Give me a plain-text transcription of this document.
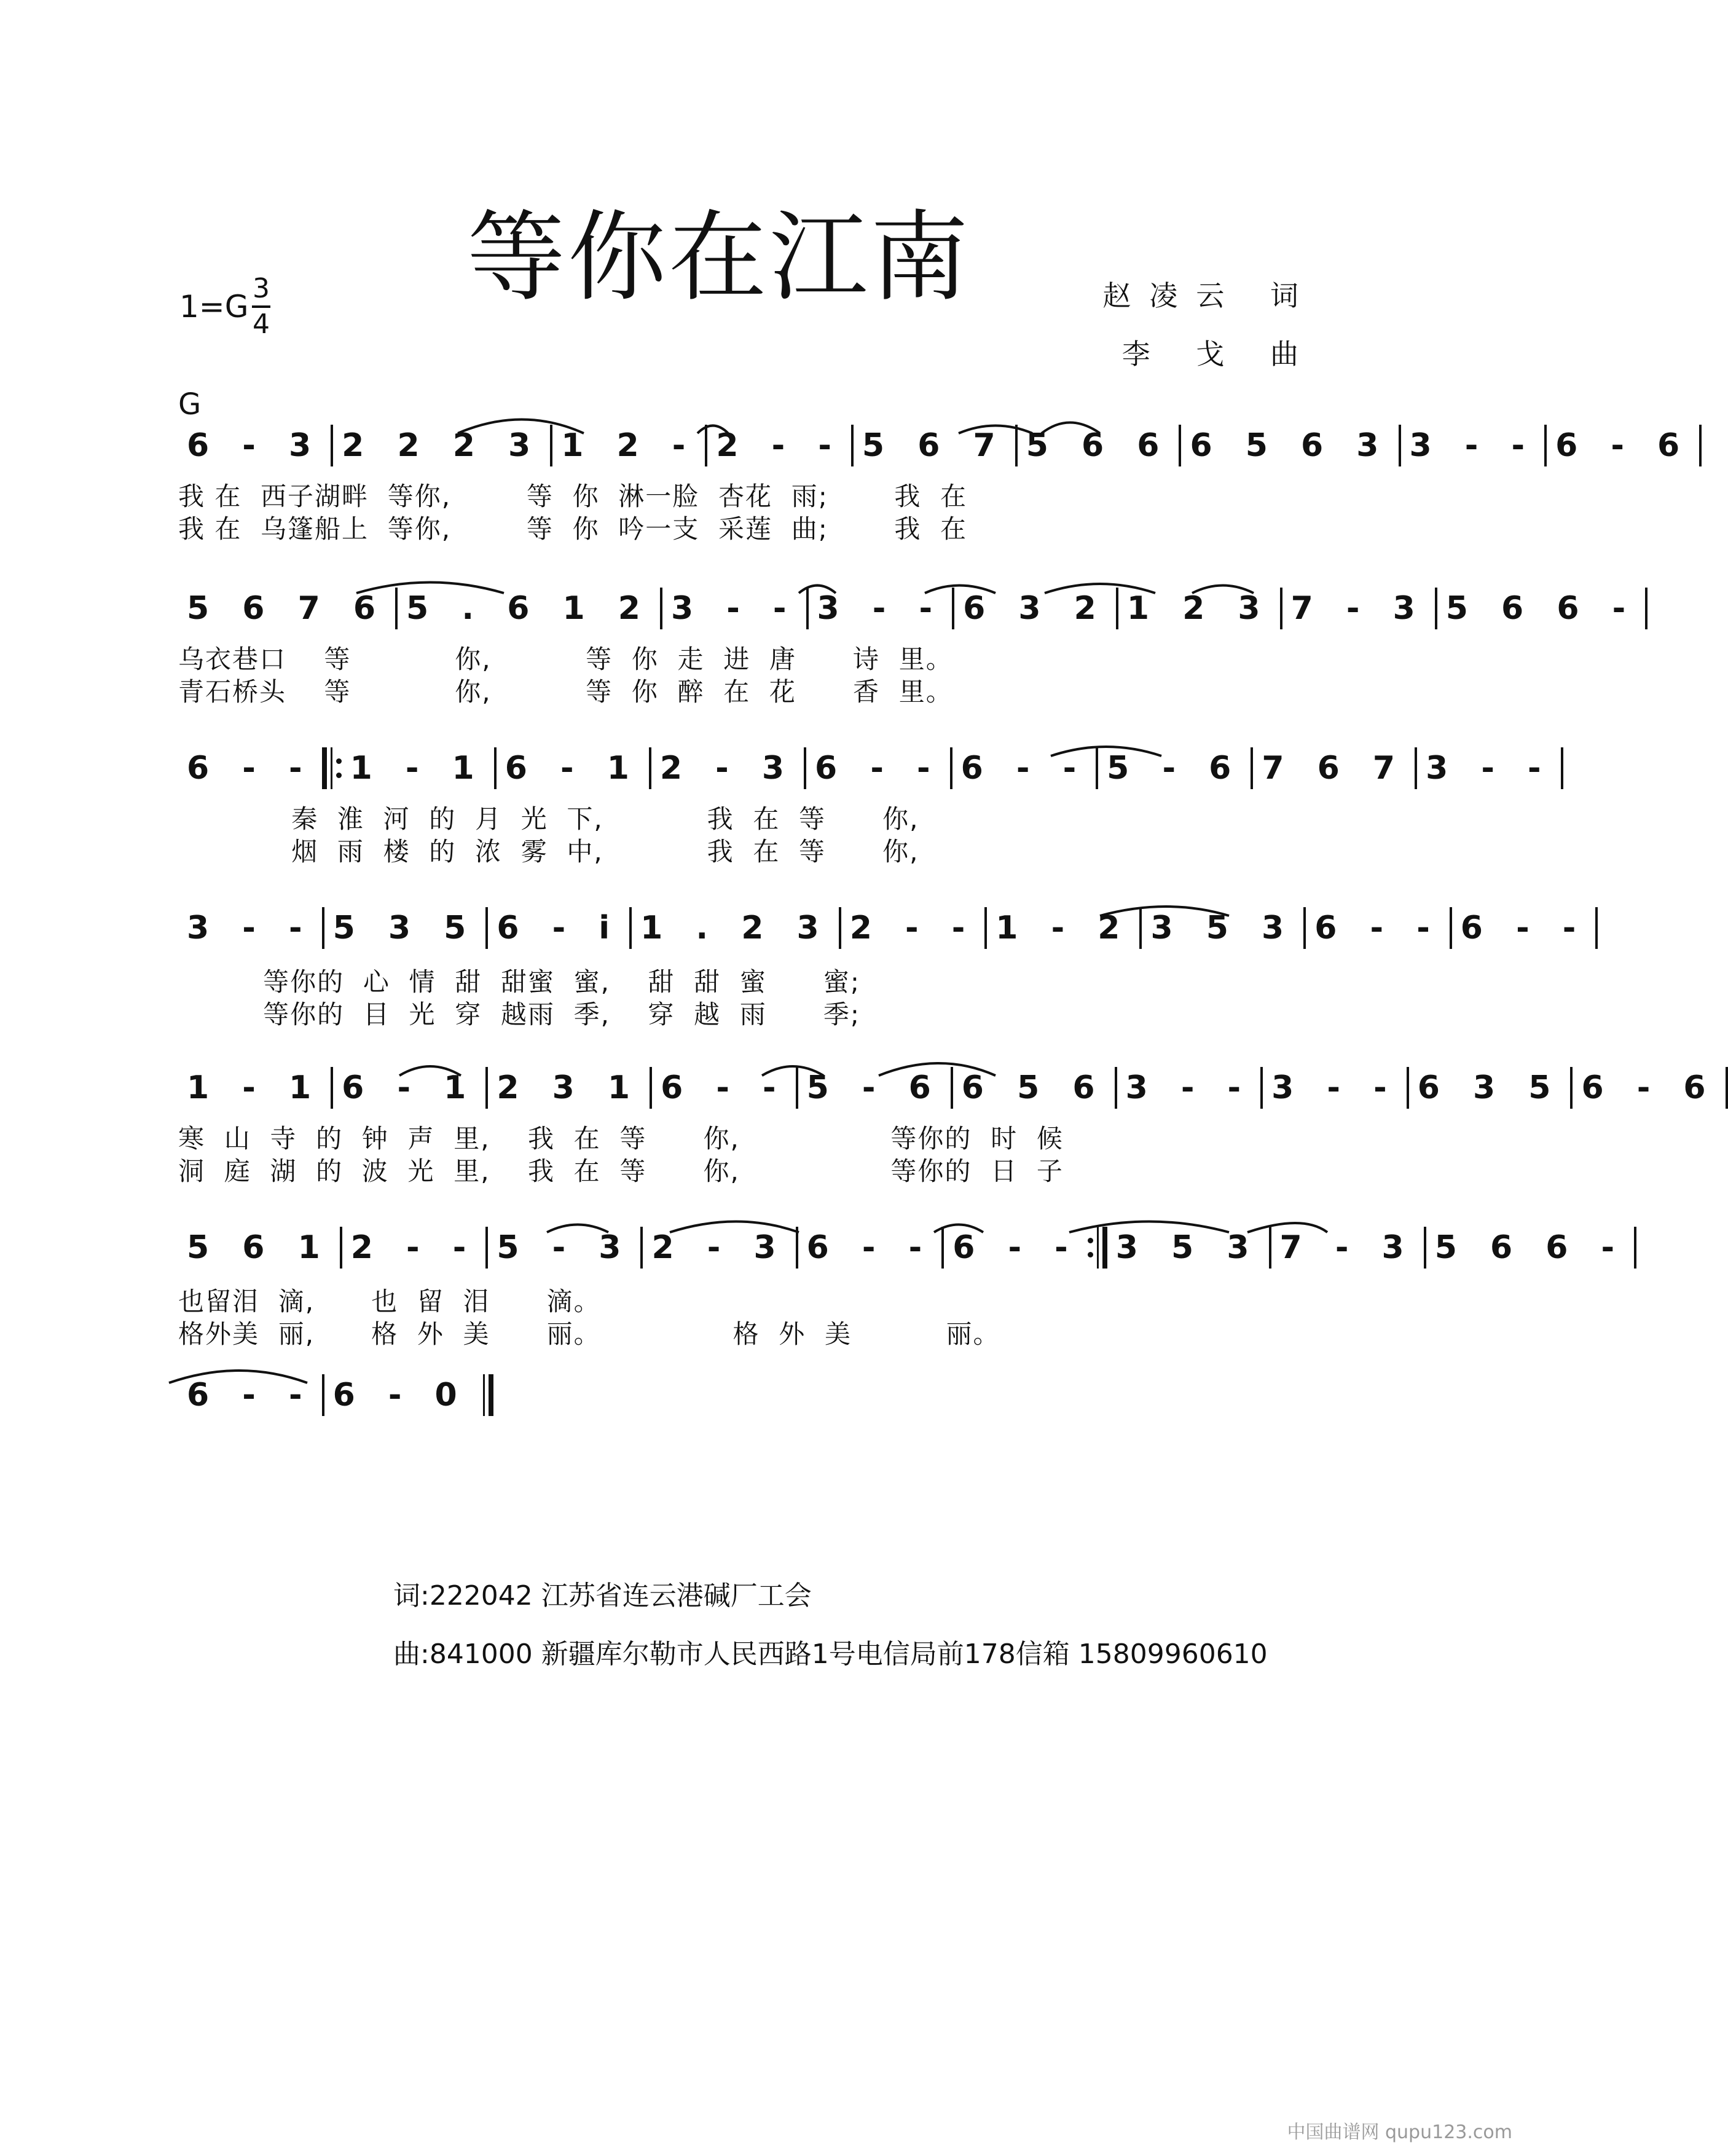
等你在江南
1=G
3
4
赵凌云 词
李 戈 曲
G
6 - 3 2 2 2 3 1 2 - 2 - - 5 6 7 5 6 6 6 5 6 3 3 - - 6 - 6
我 在  西子湖畔  等你,        等  你  淋一脸  杏花  雨;       我  在
我 在  乌篷船上  等你,        等  你  吟一支  采莲  曲;       我  在
5 6 7 6 5 . 6 1 2 3 - - 3 - - 6 3 2 1 2 3 7 - 3 5 6 6 -
乌衣巷口    等           你,          等  你  走  进  唐      诗  里。
青石桥头    等           你,          等  你  醉  在  花      香  里。
6 - - 1 - 1 6 - 1 2 - 3 6 - - 6 - - 5 - 6 7 6 7 3 - -
秦  淮  河  的  月  光  下,           我  在  等      你,
烟  雨  楼  的  浓  雾  中,           我  在  等      你,
3 - - 5 3 5 6 - i 1 . 2 3 2 - - 1 - 2 3 5 3 6 - - 6 - -
等你的  心  情  甜  甜蜜  蜜,    甜  甜  蜜      蜜;
等你的  目  光  穿  越雨  季,    穿  越  雨      季;
1 - 1 6 - 1 2 3 1 6 - - 5 - 6 6 5 6 3 - - 3 - - 6 3 5 6 - 6
寒  山  寺  的  钟  声  里,    我  在  等      你,                等你的  时  候
洞  庭  湖  的  波  光  里,    我  在  等      你,                等你的  日  子
5 6 1 2 - - 5 - 3 2 - 3 6 - - 6 - - 3 5 3 7 - 3 5 6 6 -
也留泪  滴,      也  留  泪      滴。
格外美  丽,      格  外  美      丽。              格  外  美          丽。
6 - - 6 - 0
词:222042 江苏省连云港碱厂工会
曲:841000 新疆库尔勒市人民西路1号电信局前178信箱 15809960610
中国曲谱网 qupu123.com
